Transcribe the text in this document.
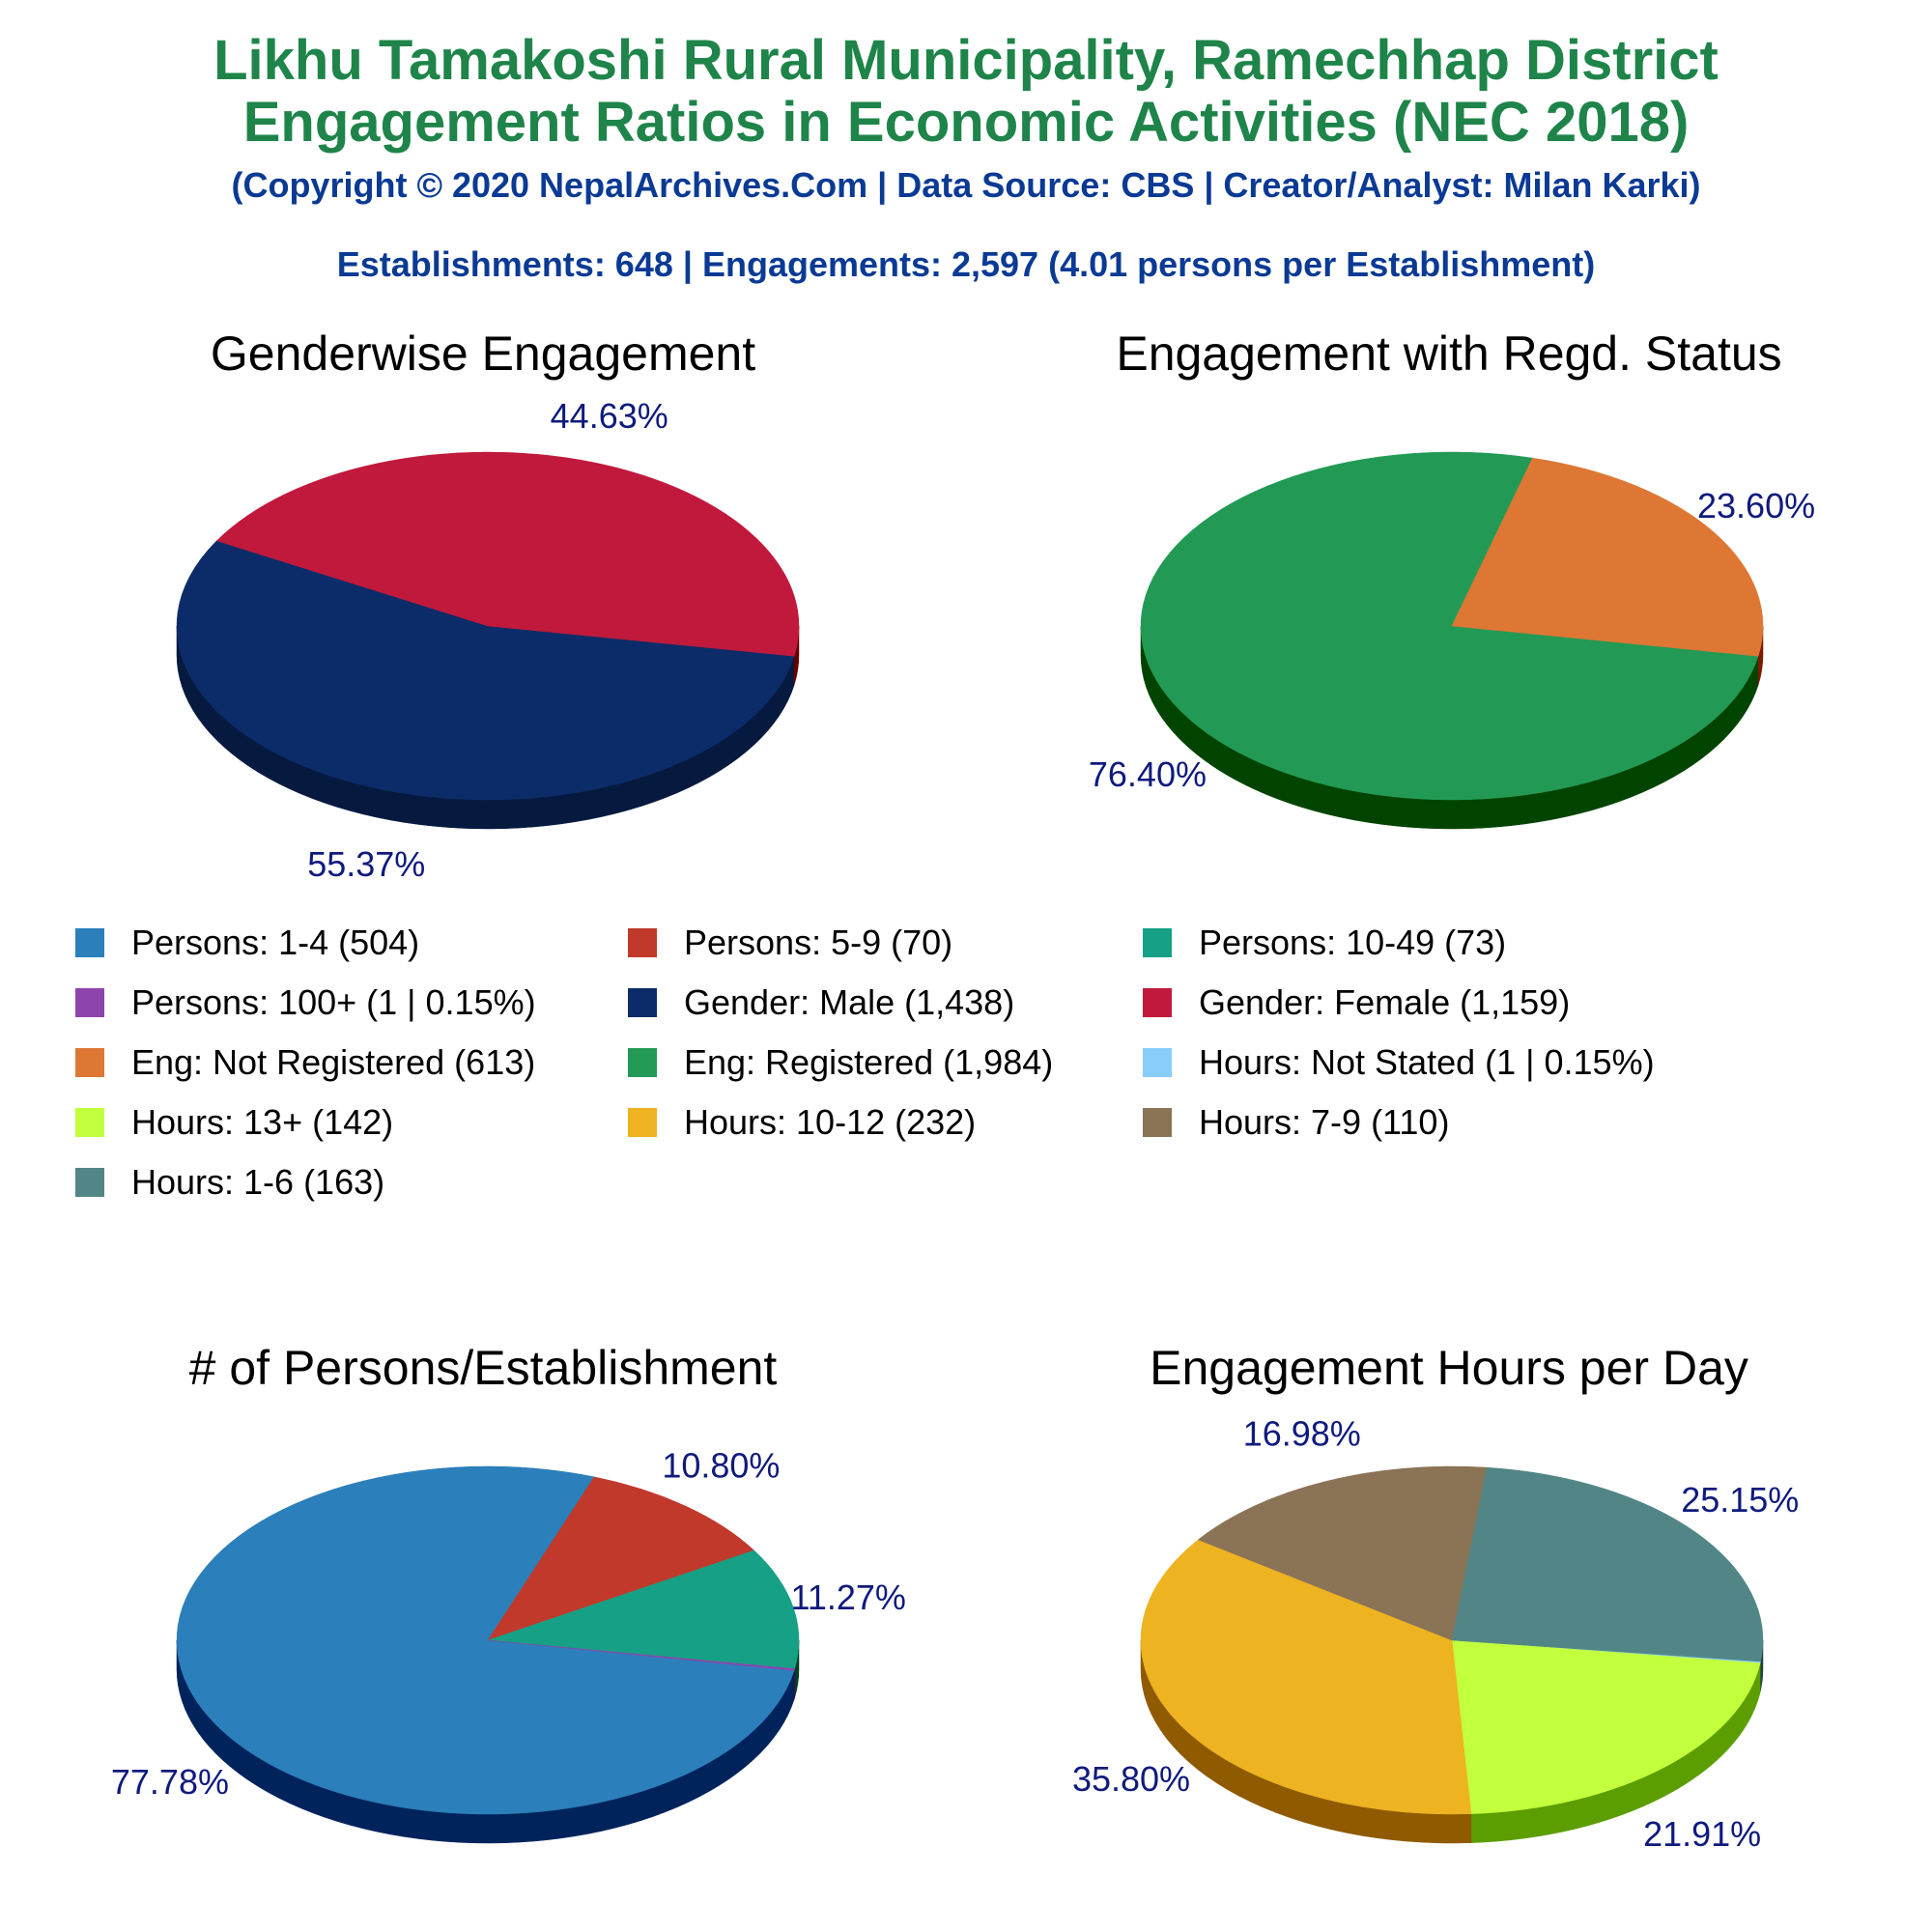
Likhu Tamakoshi Rural Municipality, Ramechhap District
Engagement Ratios in Economic Activities (NEC 2018)
(Copyright © 2020 NepalArchives.Com | Data Source: CBS | Creator/Analyst: Milan Karki)
Establishments: 648 | Engagements: 2,597 (4.01 persons per Establishment)
Genderwise Engagement	Engagement with Regd. Status
# of Persons/Establishment	Engagement Hours per Day
55.37%
44.63%
76.40%
23.60%
77.78%
10.80%
11.27%
21.91%
35.80%
16.98%
25.15%
Persons: 1-4 (504)	Persons: 5-9 (70)	Persons: 10-49 (73)
Persons: 100+ (1 | 0.15%)	Gender: Male (1,438)	Gender: Female (1,159)
Eng: Not Registered (613)	Eng: Registered (1,984)	Hours: Not Stated (1 | 0.15%)
Hours: 13+ (142)	Hours: 10-12 (232)	Hours: 7-9 (110)
Hours: 1-6 (163)
